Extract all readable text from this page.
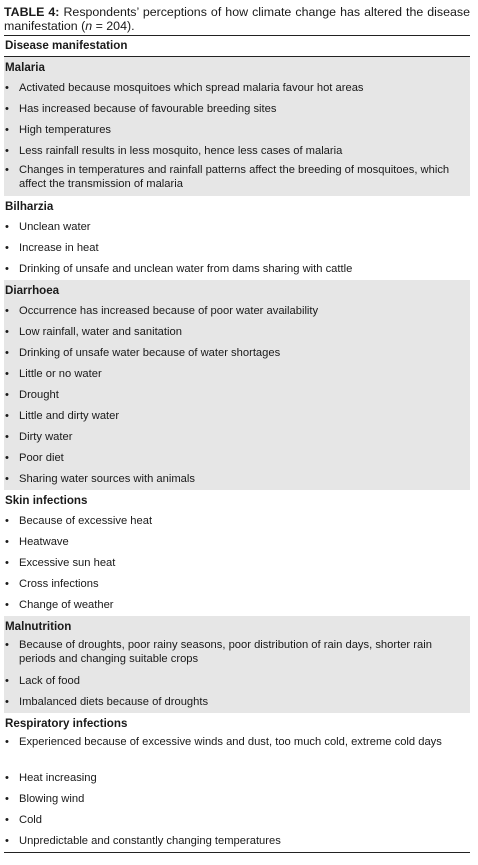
TABLE 4: Respondents’ perceptions of how climate change has altered the disease manifestation (n = 204).

Disease manifestation
Malaria
• Activated because mosquitoes which spread malaria favour hot areas
• Has increased because of favourable breeding sites
• High temperatures
• Less rainfall results in less mosquito, hence less cases of malaria
• Changes in temperatures and rainfall patterns affect the breeding of mosquitoes, which affect the transmission of malaria
Bilharzia
• Unclean water
• Increase in heat
• Drinking of unsafe and unclean water from dams sharing with cattle
Diarrhoea
• Occurrence has increased because of poor water availability
• Low rainfall, water and sanitation
• Drinking of unsafe water because of water shortages
• Little or no water
• Drought
• Little and dirty water
• Dirty water
• Poor diet
• Sharing water sources with animals
Skin infections
• Because of excessive heat
• Heatwave
• Excessive sun heat
• Cross infections
• Change of weather
Malnutrition
• Because of droughts, poor rainy seasons, poor distribution of rain days, shorter rain periods and changing suitable crops
• Lack of food
• Imbalanced diets because of droughts
Respiratory infections
• Experienced because of excessive winds and dust, too much cold, extreme cold days
• Heat increasing
• Blowing wind
• Cold
• Unpredictable and constantly changing temperatures
